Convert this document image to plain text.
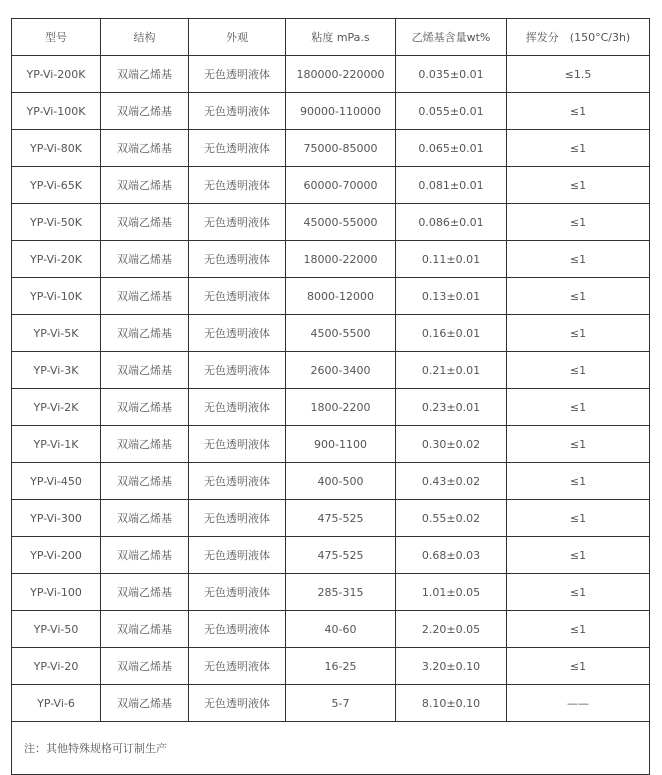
型号	结构	外观	粘度 mPa.s	乙烯基含量wt%	挥发分　(150°C/3h)
YP-Vi-200K	双端乙烯基	无色透明液体	180000-220000	0.035±0.01	≤1.5
YP-Vi-100K	双端乙烯基	无色透明液体	90000-110000	0.055±0.01	≤1
YP-Vi-80K	双端乙烯基	无色透明液体	75000-85000	0.065±0.01	≤1
YP-Vi-65K	双端乙烯基	无色透明液体	60000-70000	0.081±0.01	≤1
YP-Vi-50K	双端乙烯基	无色透明液体	45000-55000	0.086±0.01	≤1
YP-Vi-20K	双端乙烯基	无色透明液体	18000-22000	0.11±0.01	≤1
YP-Vi-10K	双端乙烯基	无色透明液体	8000-12000	0.13±0.01	≤1
YP-Vi-5K	双端乙烯基	无色透明液体	4500-5500	0.16±0.01	≤1
YP-Vi-3K	双端乙烯基	无色透明液体	2600-3400	0.21±0.01	≤1
YP-Vi-2K	双端乙烯基	无色透明液体	1800-2200	0.23±0.01	≤1
YP-Vi-1K	双端乙烯基	无色透明液体	900-1100	0.30±0.02	≤1
YP-Vi-450	双端乙烯基	无色透明液体	400-500	0.43±0.02	≤1
YP-Vi-300	双端乙烯基	无色透明液体	475-525	0.55±0.02	≤1
YP-Vi-200	双端乙烯基	无色透明液体	475-525	0.68±0.03	≤1
YP-Vi-100	双端乙烯基	无色透明液体	285-315	1.01±0.05	≤1
YP-Vi-50	双端乙烯基	无色透明液体	40-60	2.20±0.05	≤1
YP-Vi-20	双端乙烯基	无色透明液体	16-25	3.20±0.10	≤1
YP-Vi-6	双端乙烯基	无色透明液体	5-7	8.10±0.10	——
注：其他特殊规格可订制生产					
